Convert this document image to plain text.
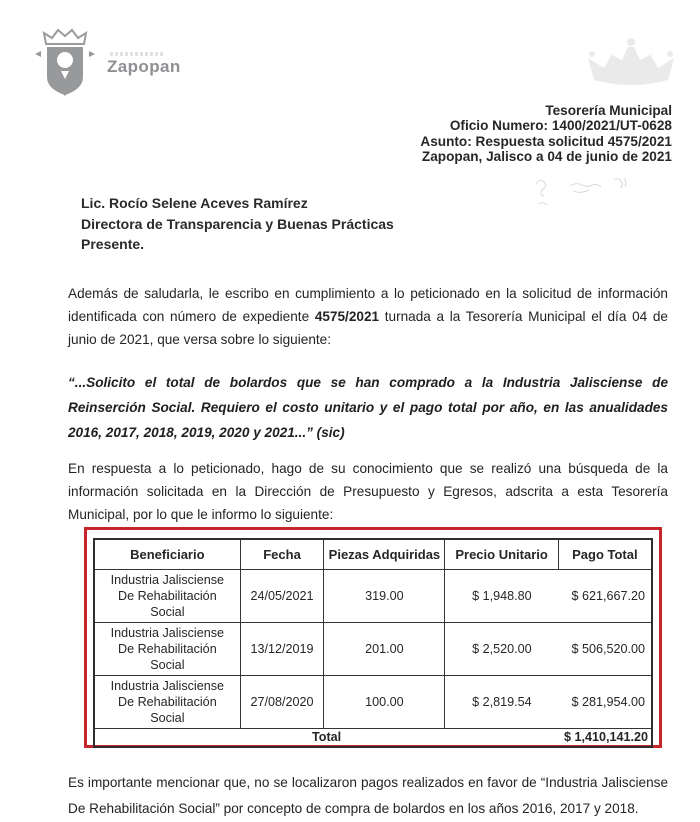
Zapopan
Tesorería Municipal
Oficio Numero: 1400/2021/UT-0628
Asunto: Respuesta solicitud 4575/2021
Zapopan, Jalisco a 04 de junio de 2021
Lic. Rocío Selene Aceves Ramírez
Directora de Transparencia y Buenas Prácticas
Presente.

Además de saludarla, le escribo en cumplimiento a lo peticionado en la solicitud de información identificada con número de expediente 4575/2021 turnada a la Tesorería Municipal el día 04 de junio de 2021, que versa sobre lo siguiente:

“...Solicito el total de bolardos que se han comprado a la Industria Jalisciense de Reinserción Social. Requiero el costo unitario y el pago total por año, en las anualidades 2016, 2017, 2018, 2019, 2020 y 2021...” (sic)

En respuesta a lo peticionado, hago de su conocimiento que se realizó una búsqueda de la información solicitada en la Dirección de Presupuesto y Egresos, adscrita a esta Tesorería Municipal, por lo que le informo lo siguiente:

Beneficiario	Fecha	Piezas Adquiridas	Precio Unitario	Pago Total
Industria Jalisciense De Rehabilitación Social	24/05/2021	319.00	$ 1,948.80	$ 621,667.20
Industria Jalisciense De Rehabilitación Social	13/12/2019	201.00	$ 2,520.00	$ 506,520.00
Industria Jalisciense De Rehabilitación Social	27/08/2020	100.00	$ 2,819.54	$ 281,954.00
Total				$ 1,410,141.20

Es importante mencionar que, no se localizaron pagos realizados en favor de “Industria Jalisciense De Rehabilitación Social” por concepto de compra de bolardos en los años 2016, 2017 y 2018.
